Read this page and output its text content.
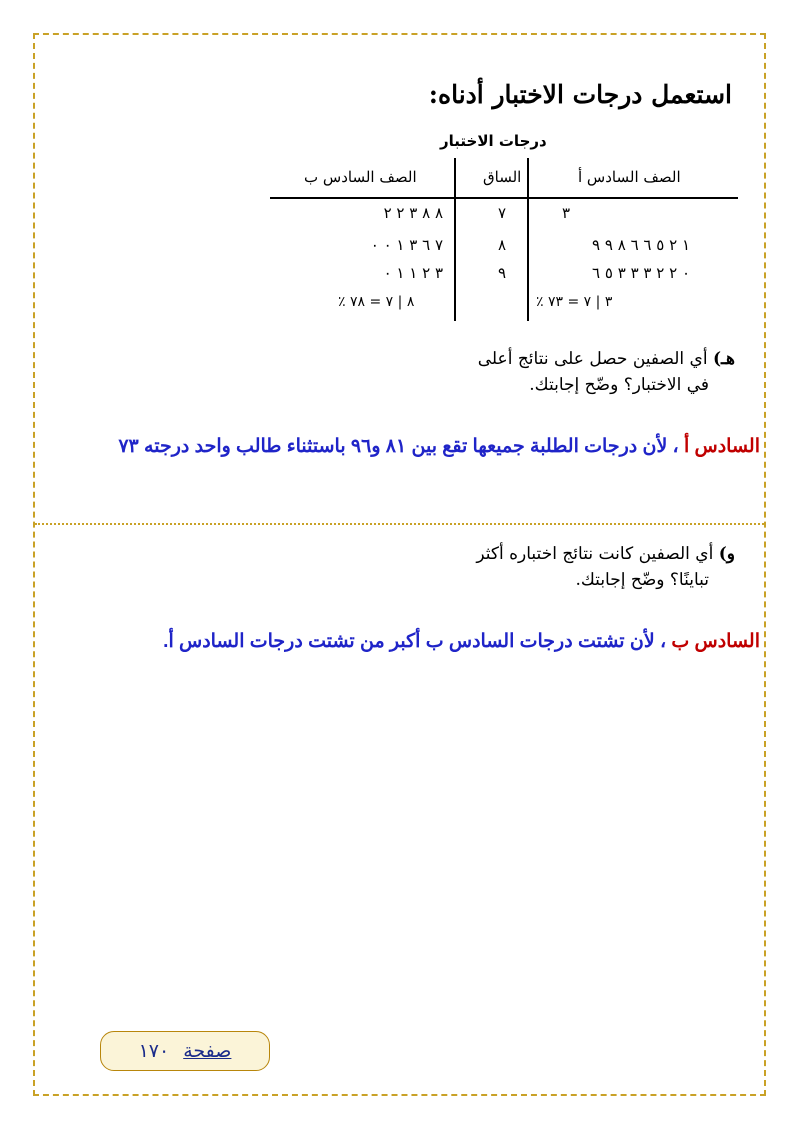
استعمل درجات الاختبار أدناه:
درجات الاختبار
الصف السادس أ
الساق
الصف السادس ب
٣
٧
٨ ٨ ٣ ٢ ٢
١ ٢ ٥ ٦ ٦ ٨ ٩ ٩
٨
٧ ٦ ٣ ١ ٠ ٠
٠ ٢ ٢ ٣ ٣ ٣ ٥ ٦
٩
٣ ٢ ١ ١ ٠
٣ | ٧ = ٧٣ ٪
٨ | ٧ = ٧٨ ٪
هـ) أي الصفين حصل على نتائج أعلى
في الاختبار؟ وضّح إجابتك.
السادس أ ، لأن درجات الطلبة جميعها تقع بين ٨١ و٩٦ باستثناء طالب واحد درجته ٧٣
و) أي الصفين كانت نتائج اختباره أكثر
تباينًا؟ وضّح إجابتك.
السادس ب ، لأن تشتت درجات السادس ب أكبر من تشتت درجات السادس أ.
صفحة
١٧٠
